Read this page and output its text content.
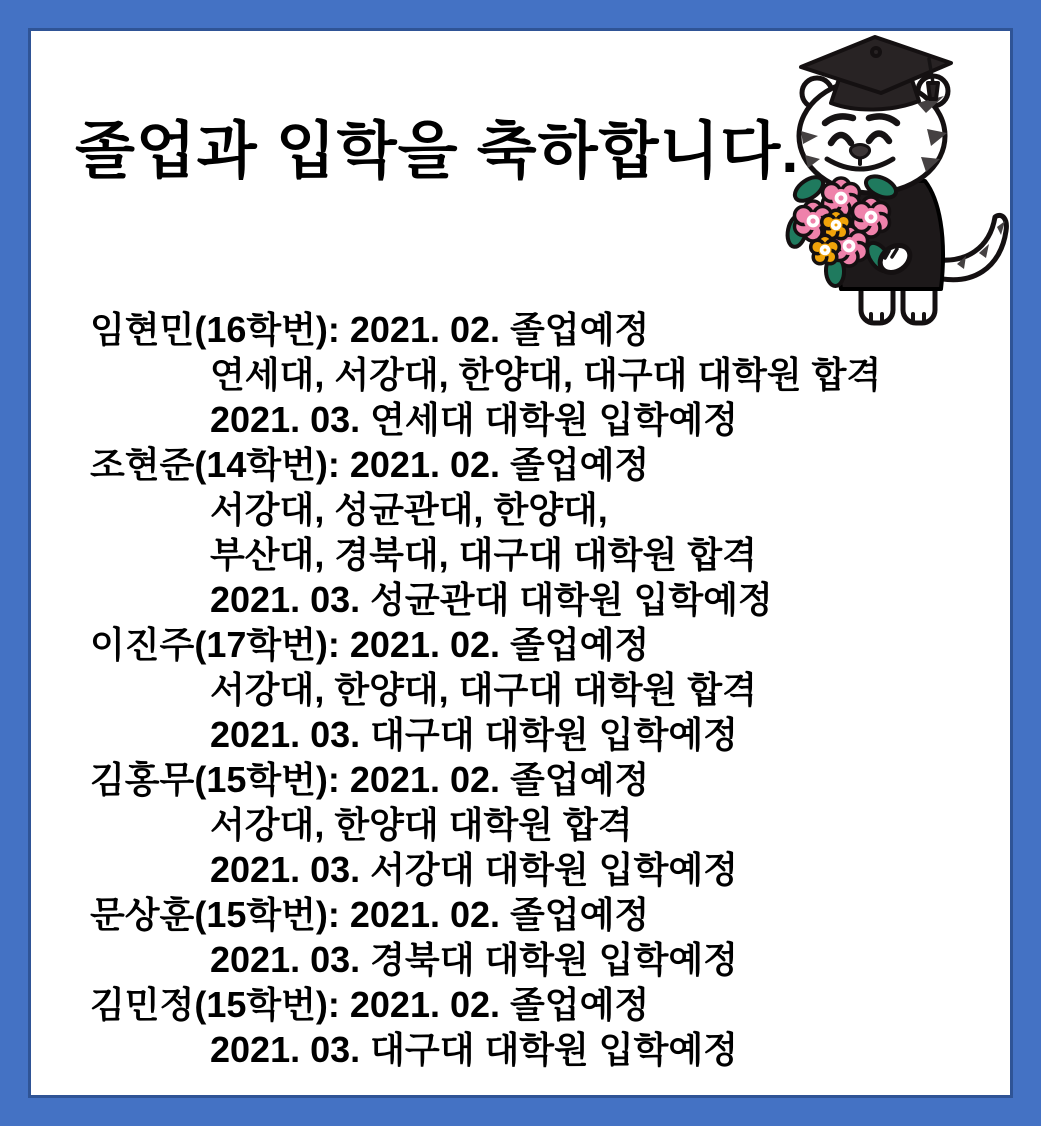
졸업과 입학을 축하합니다.

임현민(16학번): 2021. 02. 졸업예정

연세대, 서강대, 한양대, 대구대 대학원 합격

2021. 03. 연세대 대학원 입학예정

조현준(14학번): 2021. 02. 졸업예정

서강대, 성균관대, 한양대,

부산대, 경북대, 대구대 대학원 합격

2021. 03. 성균관대 대학원 입학예정

이진주(17학번): 2021. 02. 졸업예정

서강대, 한양대, 대구대 대학원 합격

2021. 03. 대구대 대학원 입학예정

김홍무(15학번): 2021. 02. 졸업예정

서강대, 한양대 대학원 합격

2021. 03. 서강대 대학원 입학예정

문상훈(15학번): 2021. 02. 졸업예정

2021. 03. 경북대 대학원 입학예정

김민정(15학번): 2021. 02. 졸업예정

2021. 03. 대구대 대학원 입학예정
